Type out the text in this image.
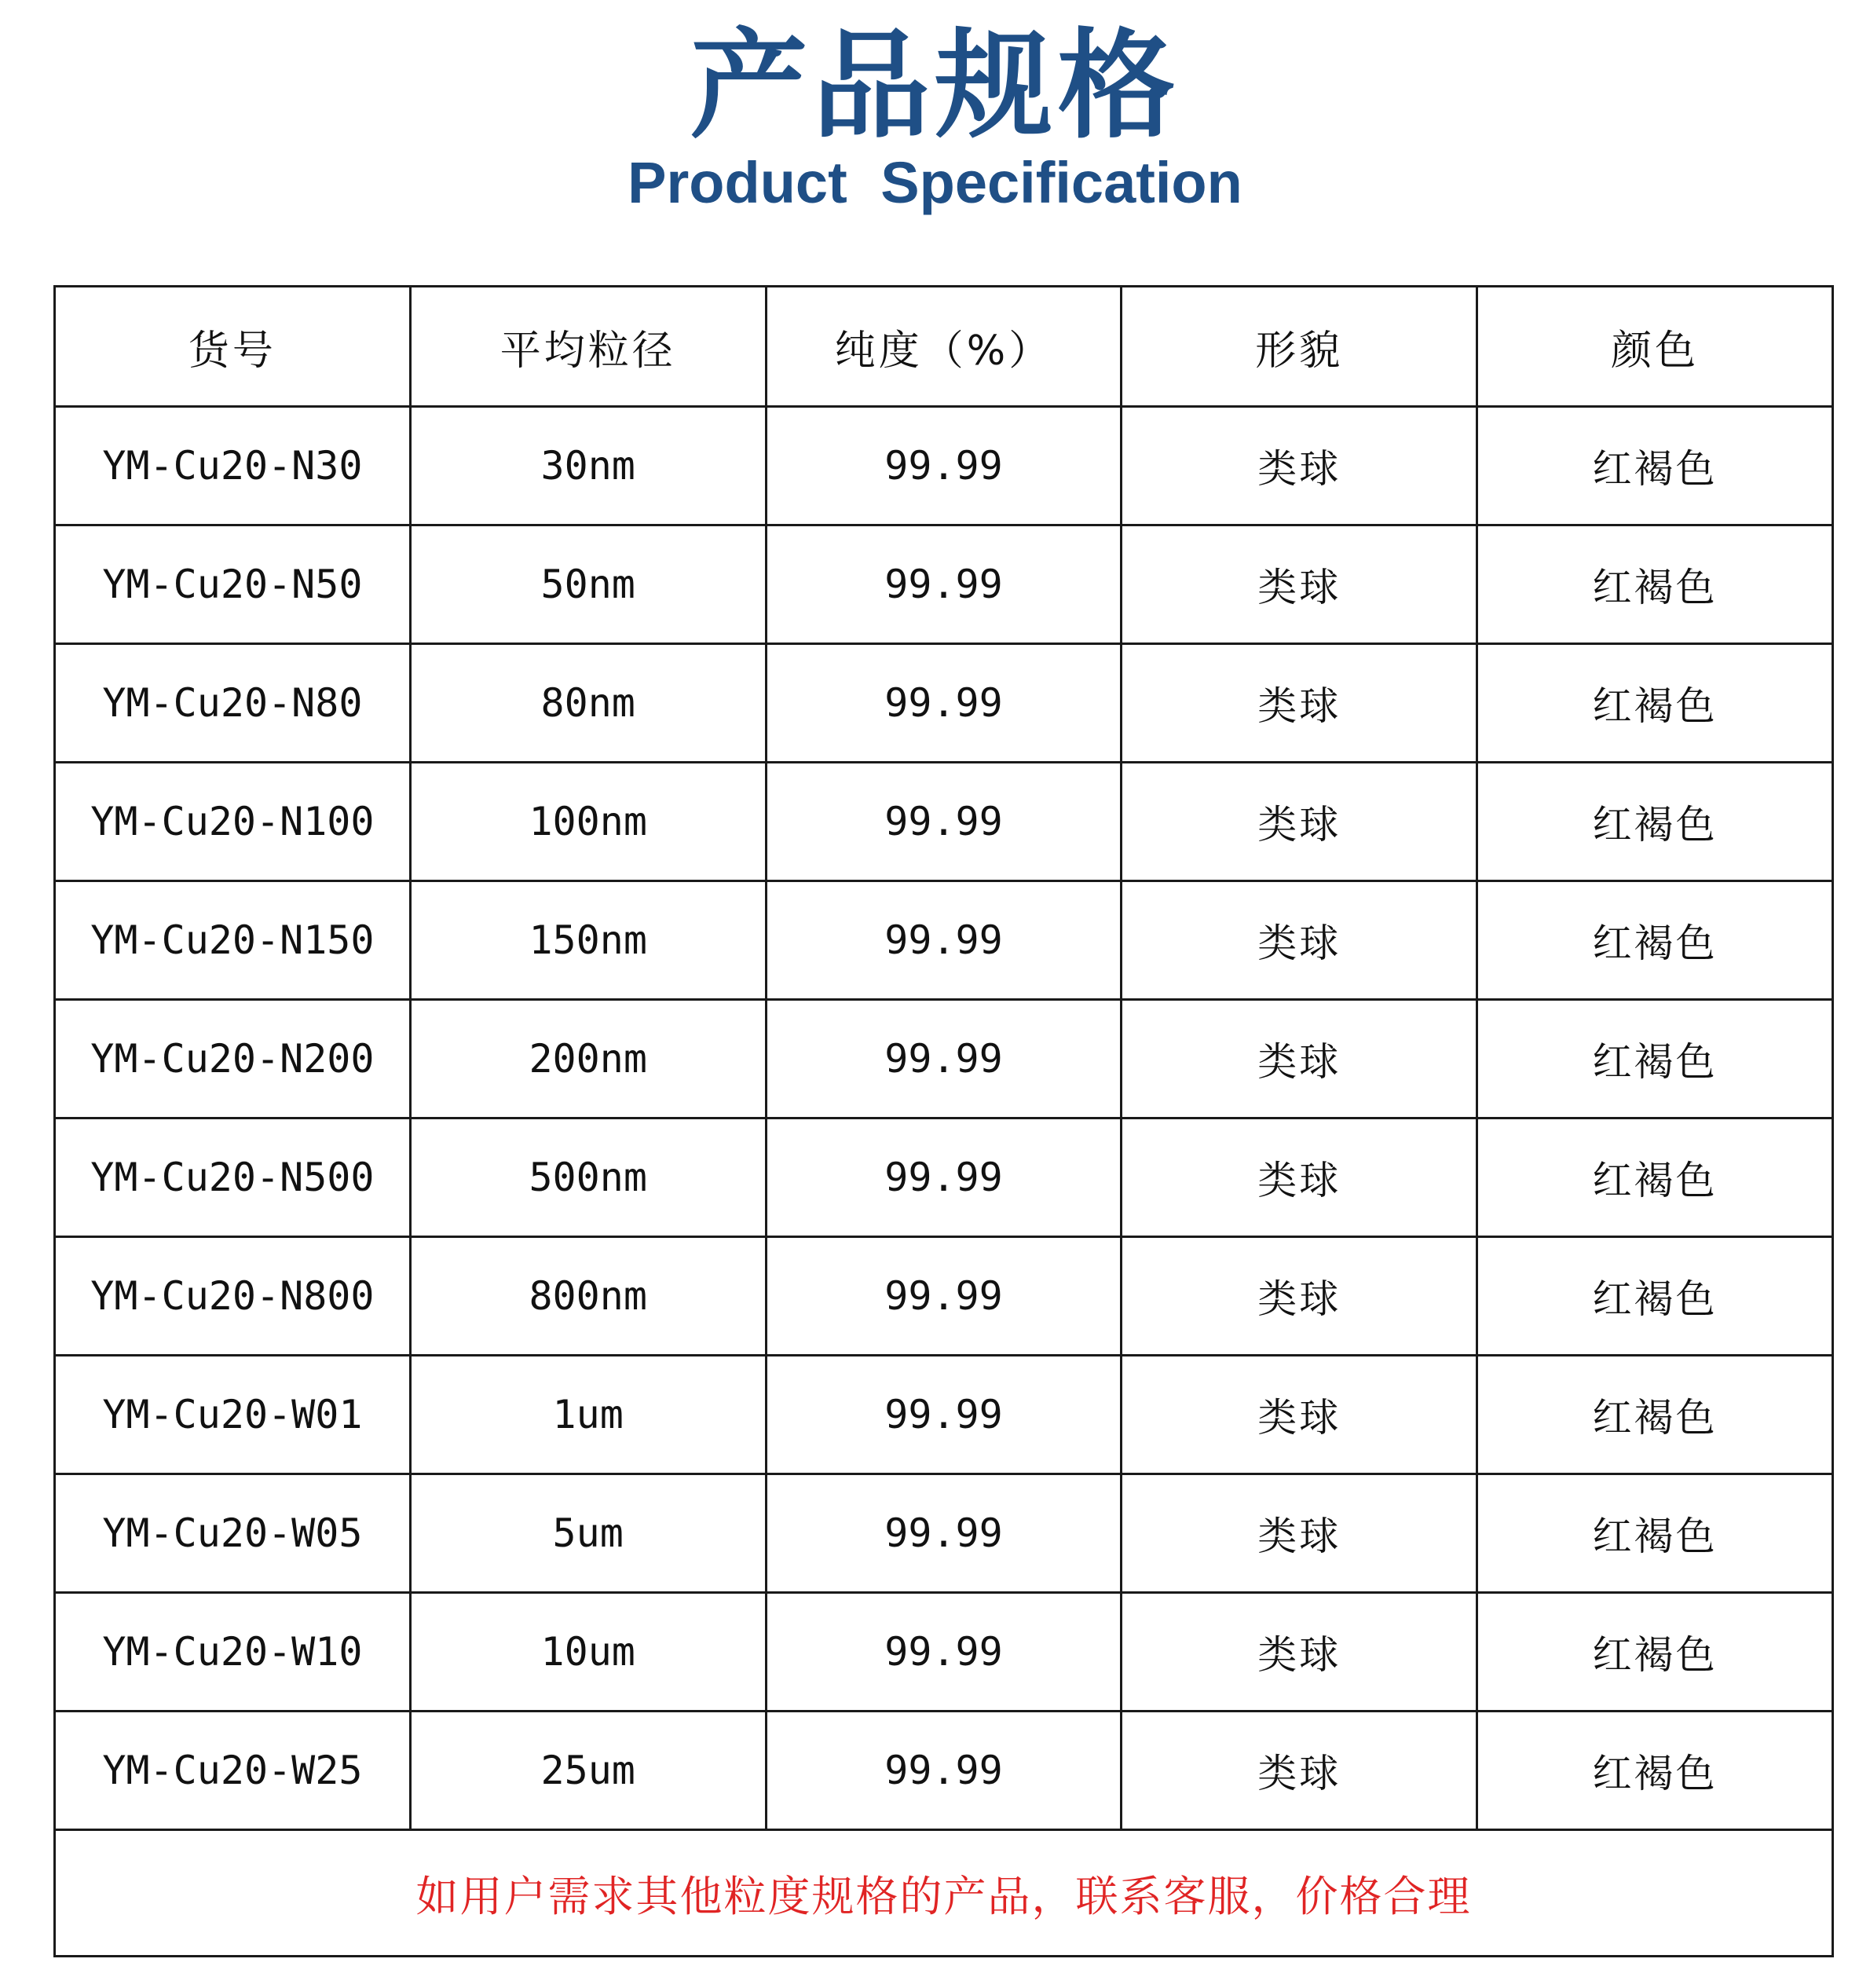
产品规格
Product Specification
货号	平均粒径	纯度（%）	形貌	颜色
YM-Cu20-N30	30nm	99.99	类球	红褐色
YM-Cu20-N50	50nm	99.99	类球	红褐色
YM-Cu20-N80	80nm	99.99	类球	红褐色
YM-Cu20-N100	100nm	99.99	类球	红褐色
YM-Cu20-N150	150nm	99.99	类球	红褐色
YM-Cu20-N200	200nm	99.99	类球	红褐色
YM-Cu20-N500	500nm	99.99	类球	红褐色
YM-Cu20-N800	800nm	99.99	类球	红褐色
YM-Cu20-W01	1um	99.99	类球	红褐色
YM-Cu20-W05	5um	99.99	类球	红褐色
YM-Cu20-W10	10um	99.99	类球	红褐色
YM-Cu20-W25	25um	99.99	类球	红褐色
如用户需求其他粒度规格的产品，联系客服，价格合理				
